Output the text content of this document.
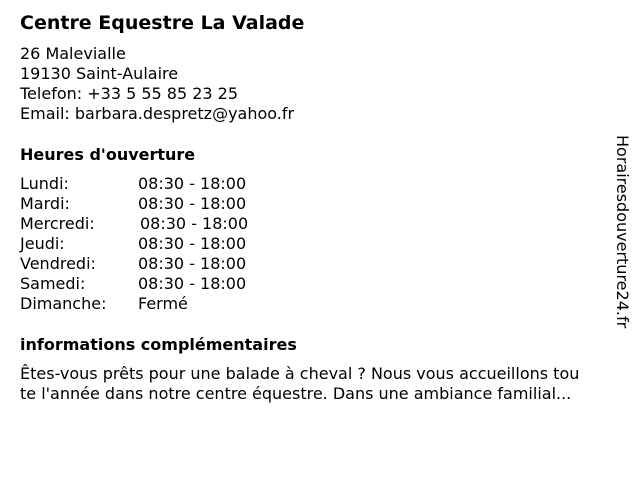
Centre Equestre La Valade
26 Malevialle
19130 Saint-Aulaire
Telefon: +33 5 55 85 23 25
Email: barbara.despretz@yahoo.fr
Heures d'ouverture
Lundi:	08:30 - 18:00
Mardi:	08:30 - 18:00
Mercredi:	08:30 - 18:00
Jeudi:	08:30 - 18:00
Vendredi:	08:30 - 18:00
Samedi:	08:30 - 18:00
Dimanche: Fermé
informations complémentaires
Êtes-vous prêts pour une balade à cheval ? Nous vous accueillons tou
te l'année dans notre centre équestre. Dans une ambiance familial...
Horairesdouverture24.fr
